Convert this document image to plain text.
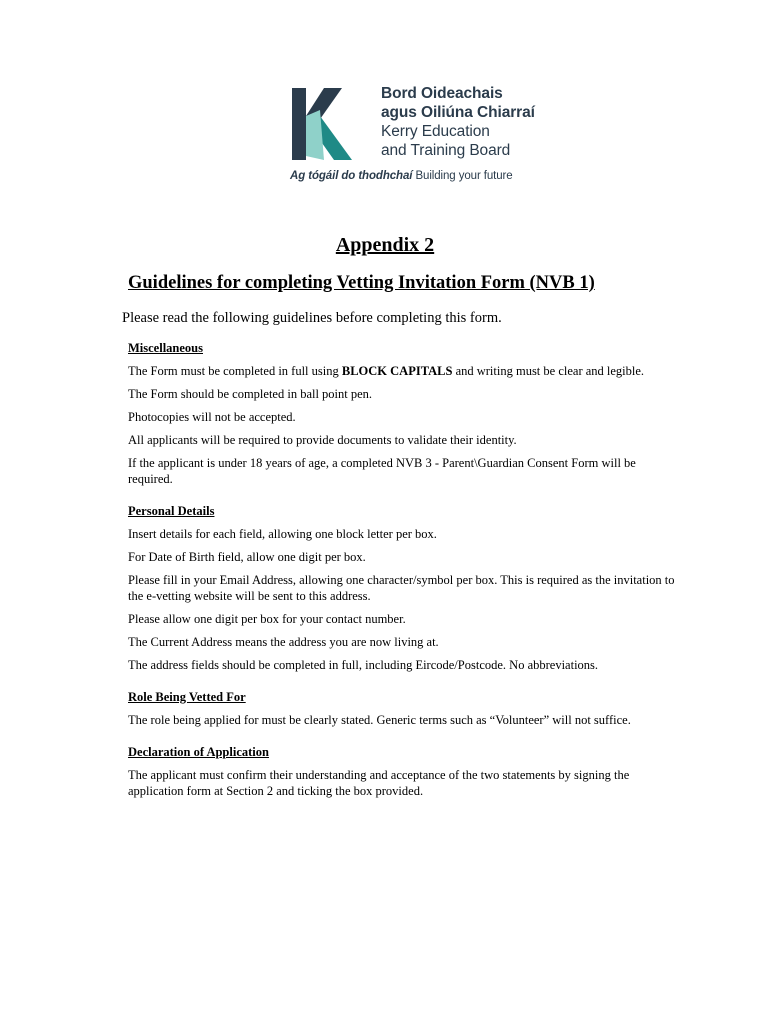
Bord Oideachais
agus Oiliúna Chiarraí
Kerry Education
and Training Board
Ag tógáil do thodhchaí Building your future
Appendix 2
Guidelines for completing Vetting Invitation Form (NVB 1)
Please read the following guidelines before completing this form.
Miscellaneous
The Form must be completed in full using BLOCK CAPITALS and writing must be clear and legible.
The Form should be completed in ball point pen.
Photocopies will not be accepted.
All applicants will be required to provide documents to validate their identity.
If the applicant is under 18 years of age, a completed NVB 3 - Parent\Guardian Consent Form will be required.
Personal Details
Insert details for each field, allowing one block letter per box.
For Date of Birth field, allow one digit per box.
Please fill in your Email Address, allowing one character/symbol per box. This is required as the invitation to the e-vetting website will be sent to this address.
Please allow one digit per box for your contact number.
The Current Address means the address you are now living at.
The address fields should be completed in full, including Eircode/Postcode. No abbreviations.
Role Being Vetted For
The role being applied for must be clearly stated. Generic terms such as “Volunteer” will not suffice.
Declaration of Application
The applicant must confirm their understanding and acceptance of the two statements by signing the application form at Section 2 and ticking the box provided.
